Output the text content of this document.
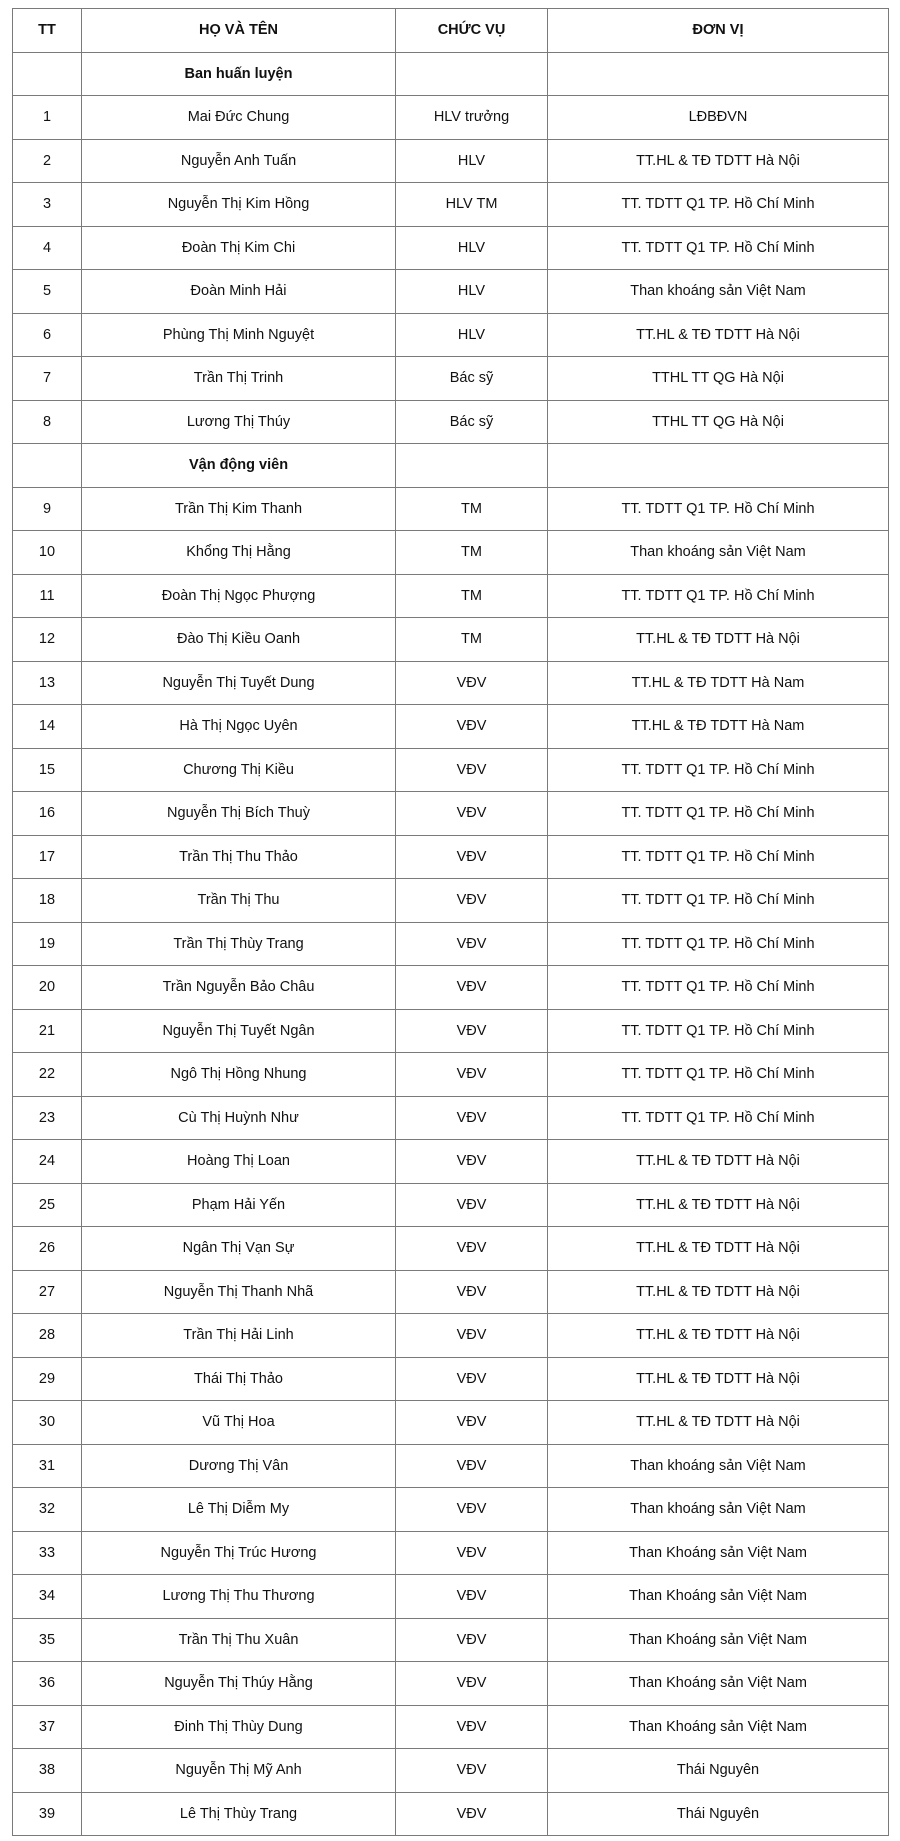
TT	HỌ VÀ TÊN	CHỨC VỤ	ĐƠN VỊ
	Ban huấn luyện		
1	Mai Đức Chung	HLV trưởng	LĐBĐVN
2	Nguyễn Anh Tuấn	HLV	TT.HL & TĐ TDTT Hà Nội
3	Nguyễn Thị Kim Hồng	HLV TM	TT. TDTT Q1 TP. Hồ Chí Minh
4	Đoàn Thị Kim Chi	HLV	TT. TDTT Q1 TP. Hồ Chí Minh
5	Đoàn Minh Hải	HLV	Than khoáng sản Việt Nam
6	Phùng Thị Minh Nguyệt	HLV	TT.HL & TĐ TDTT Hà Nội
7	Trần Thị Trinh	Bác sỹ	TTHL TT QG Hà Nội
8	Lương Thị Thúy	Bác sỹ	TTHL TT QG Hà Nội
	Vận động viên		
9	Trần Thị Kim Thanh	TM	TT. TDTT Q1 TP. Hồ Chí Minh
10	Khổng Thị Hằng	TM	Than khoáng sản Việt Nam
11	Đoàn Thị Ngọc Phượng	TM	TT. TDTT Q1 TP. Hồ Chí Minh
12	Đào Thị Kiều Oanh	TM	TT.HL & TĐ TDTT Hà Nội
13	Nguyễn Thị Tuyết Dung	VĐV	TT.HL & TĐ TDTT Hà Nam
14	Hà Thị Ngọc Uyên	VĐV	TT.HL & TĐ TDTT Hà Nam
15	Chương Thị Kiều	VĐV	TT. TDTT Q1 TP. Hồ Chí Minh
16	Nguyễn Thị Bích Thuỳ	VĐV	TT. TDTT Q1 TP. Hồ Chí Minh
17	Trần Thị Thu Thảo	VĐV	TT. TDTT Q1 TP. Hồ Chí Minh
18	Trần Thị Thu	VĐV	TT. TDTT Q1 TP. Hồ Chí Minh
19	Trần Thị Thùy Trang	VĐV	TT. TDTT Q1 TP. Hồ Chí Minh
20	Trần Nguyễn Bảo Châu	VĐV	TT. TDTT Q1 TP. Hồ Chí Minh
21	Nguyễn Thị Tuyết Ngân	VĐV	TT. TDTT Q1 TP. Hồ Chí Minh
22	Ngô Thị Hồng Nhung	VĐV	TT. TDTT Q1 TP. Hồ Chí Minh
23	Cù Thị Huỳnh Như	VĐV	TT. TDTT Q1 TP. Hồ Chí Minh
24	Hoàng Thị Loan	VĐV	TT.HL & TĐ TDTT Hà Nội
25	Phạm Hải Yến	VĐV	TT.HL & TĐ TDTT Hà Nội
26	Ngân Thị Vạn Sự	VĐV	TT.HL & TĐ TDTT Hà Nội
27	Nguyễn Thị Thanh Nhã	VĐV	TT.HL & TĐ TDTT Hà Nội
28	Trần Thị Hải Linh	VĐV	TT.HL & TĐ TDTT Hà Nội
29	Thái Thị Thảo	VĐV	TT.HL & TĐ TDTT Hà Nội
30	Vũ Thị Hoa	VĐV	TT.HL & TĐ TDTT Hà Nội
31	Dương Thị Vân	VĐV	Than khoáng sản Việt Nam
32	Lê Thị Diễm My	VĐV	Than khoáng sản Việt Nam
33	Nguyễn Thị Trúc Hương	VĐV	Than Khoáng sản Việt Nam
34	Lương Thị Thu Thương	VĐV	Than Khoáng sản Việt Nam
35	Trần Thị Thu Xuân	VĐV	Than Khoáng sản Việt Nam
36	Nguyễn Thị Thúy Hằng	VĐV	Than Khoáng sản Việt Nam
37	Đinh Thị Thùy Dung	VĐV	Than Khoáng sản Việt Nam
38	Nguyễn Thị Mỹ Anh	VĐV	Thái Nguyên
39	Lê Thị Thùy Trang	VĐV	Thái Nguyên
